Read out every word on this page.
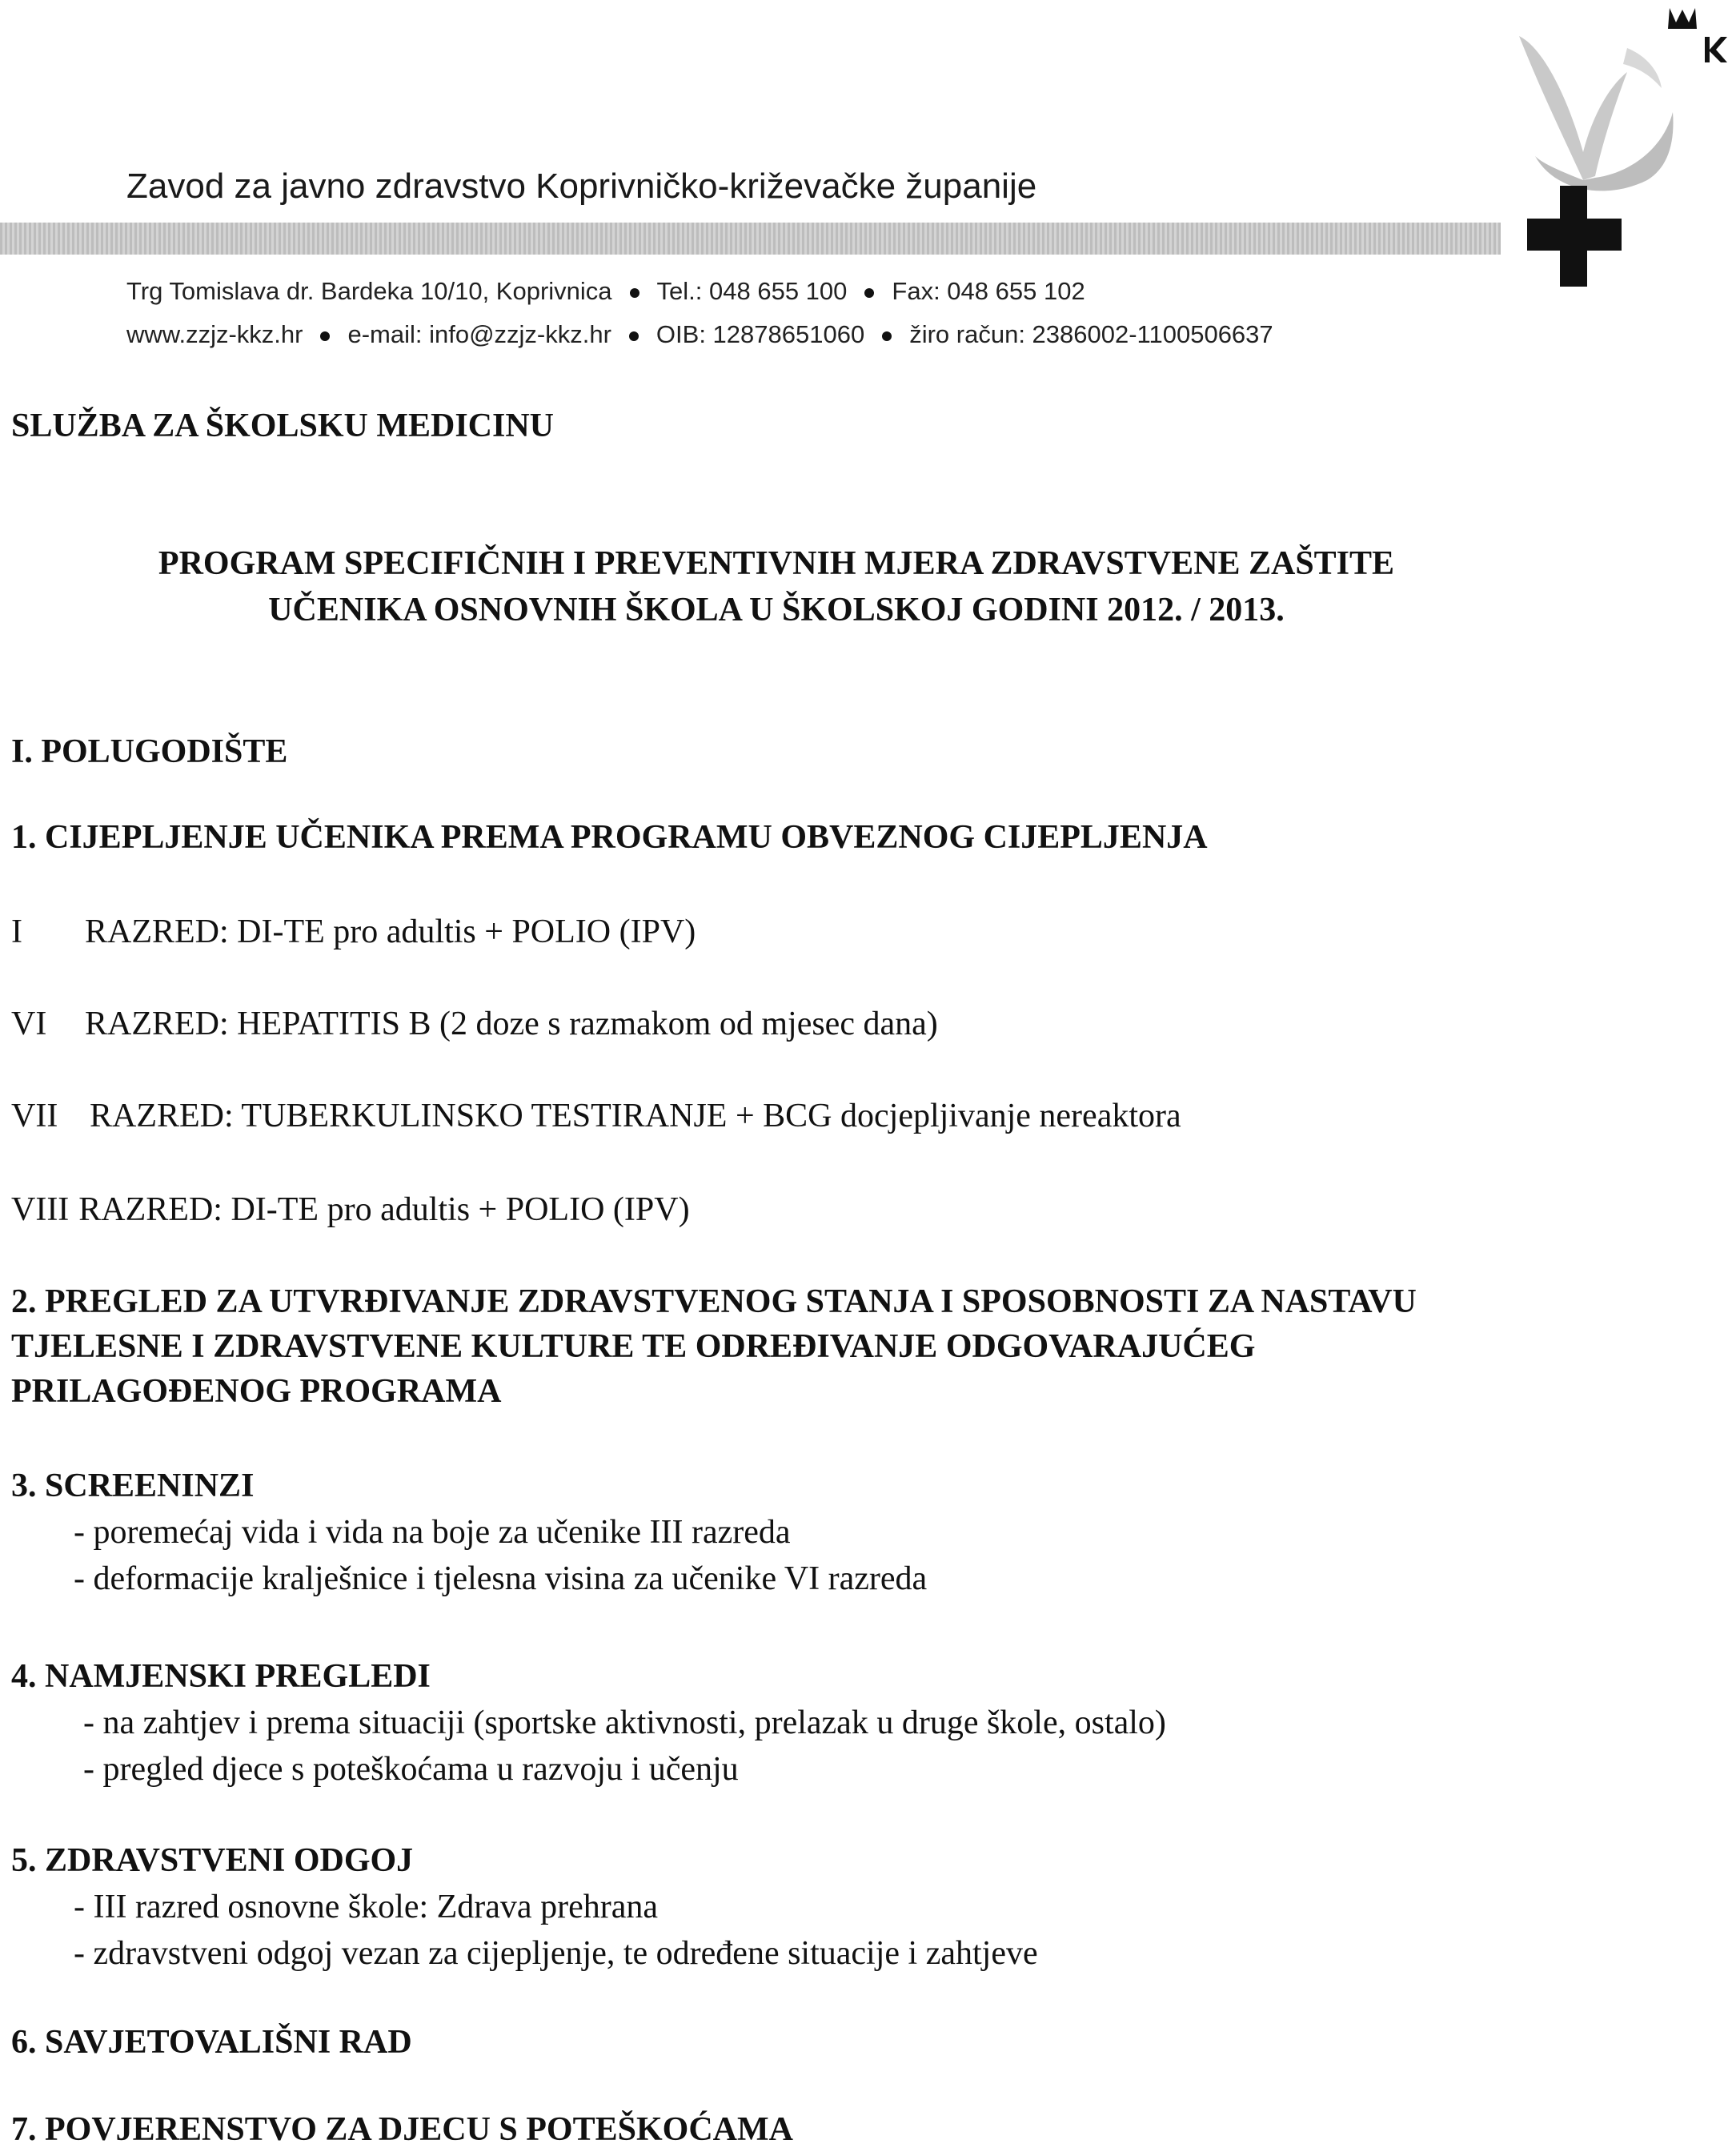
Zavod za javno zdravstvo Koprivničko-križevačke županije
Trg Tomislava dr. Bardeka 10/10, Koprivnica Tel.: 048 655 100 Fax: 048 655 102
www.zzjz-kkz.hr e-mail: info@zzjz-kkz.hr OIB: 12878651060 žiro račun: 2386002-1100506637
SLUŽBA ZA ŠKOLSKU MEDICINU
PROGRAM SPECIFIČNIH I PREVENTIVNIH MJERA ZDRAVSTVENE ZAŠTITE
UČENIKA OSNOVNIH ŠKOLA U ŠKOLSKOJ GODINI 2012. / 2013.
I. POLUGODIŠTE
1. CIJEPLJENJE UČENIKA PREMA PROGRAMU OBVEZNOG CIJEPLJENJA
I RAZRED: DI-TE pro adultis + POLIO (IPV)
VI RAZRED: HEPATITIS B (2 doze s razmakom od mjesec dana)
VII RAZRED: TUBERKULINSKO TESTIRANJE + BCG docjepljivanje nereaktora
VIII RAZRED: DI-TE pro adultis + POLIO (IPV)
2. PREGLED ZA UTVRĐIVANJE ZDRAVSTVENOG STANJA I SPOSOBNOSTI ZA NASTAVU TJELESNE I ZDRAVSTVENE KULTURE TE ODREĐIVANJE ODGOVARAJUĆEG PRILAGOĐENOG PROGRAMA
3. SCREENINZI
- poremećaj vida i vida na boje za učenike III razreda
- deformacije kralješnice i tjelesna visina za učenike VI razreda
4. NAMJENSKI PREGLEDI
- na zahtjev i prema situaciji (sportske aktivnosti, prelazak u druge škole, ostalo)
- pregled djece s poteškoćama u razvoju i učenju
5. ZDRAVSTVENI ODGOJ
- III razred osnovne škole: Zdrava prehrana
- zdravstveni odgoj vezan za cijepljenje, te određene situacije i zahtjeve
6. SAVJETOVALIŠNI RAD
7. POVJERENSTVO ZA DJECU S POTEŠKOĆAMA
